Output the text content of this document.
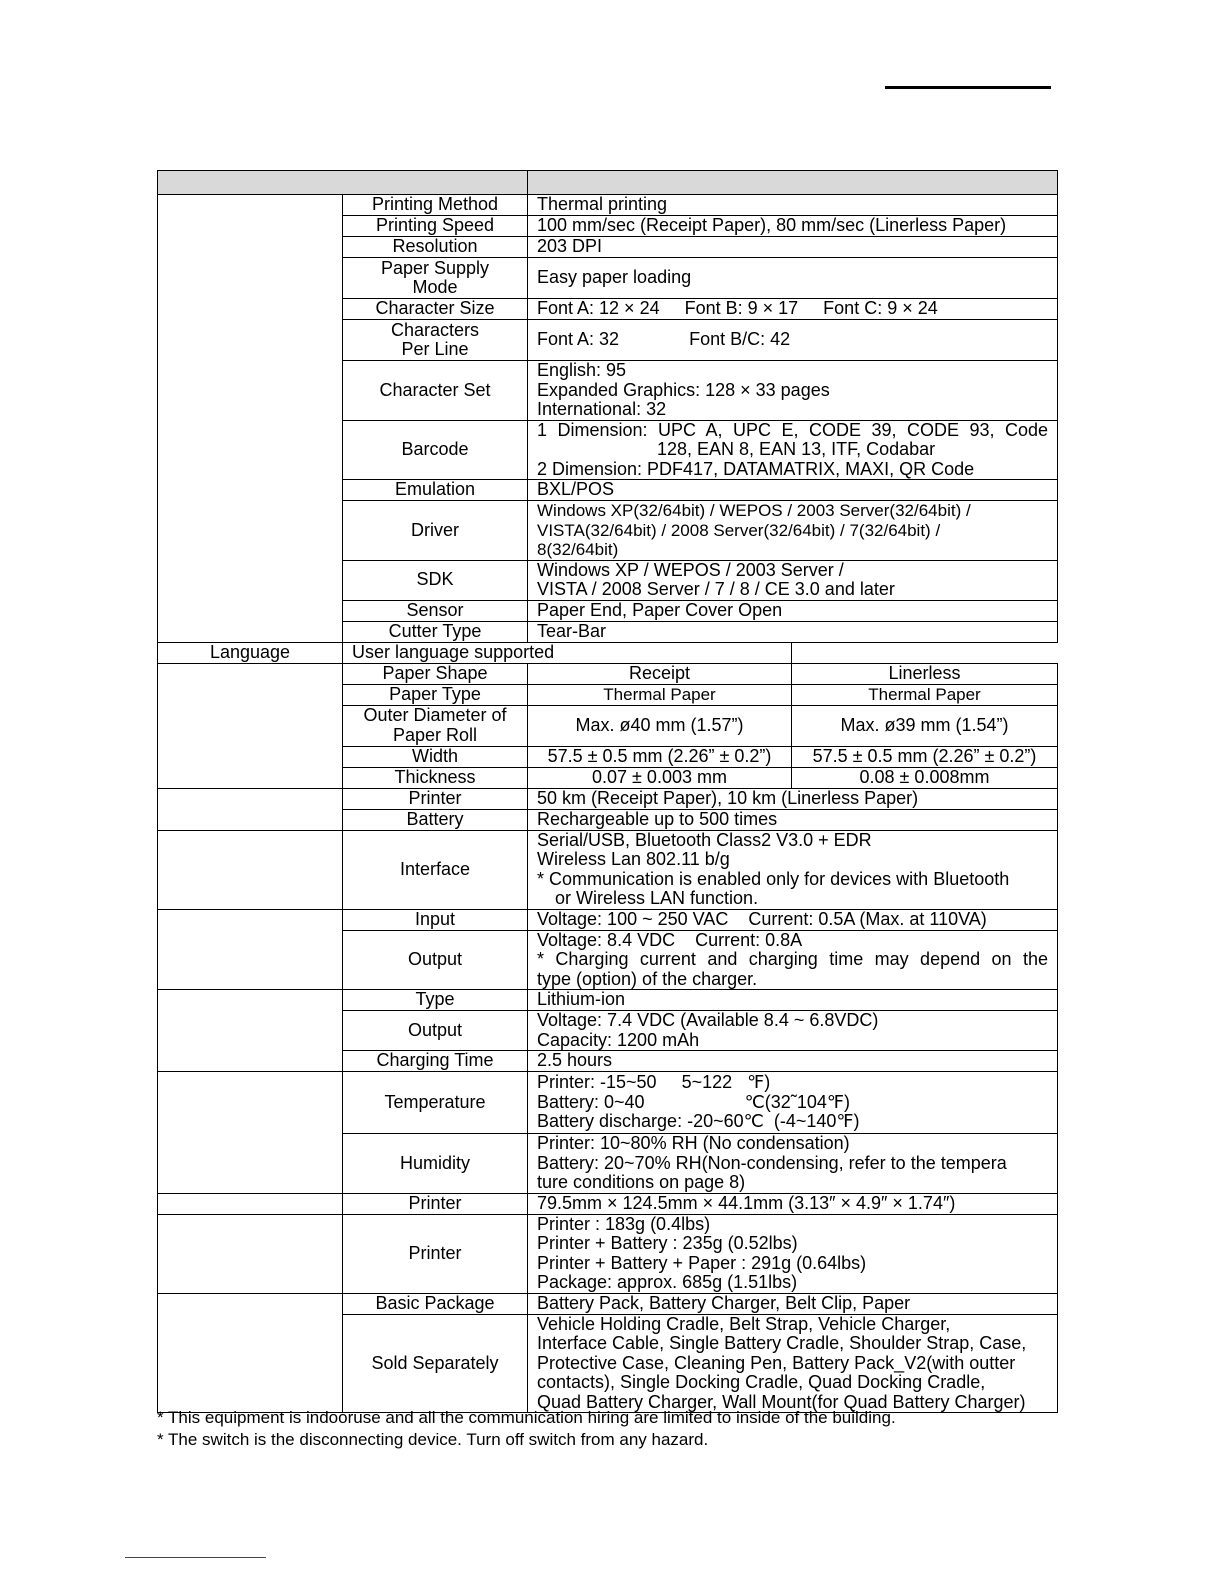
	Printing Method	Thermal printing	
	Printing Speed	100 mm/sec (Receipt Paper), 80 mm/sec (Linerless Paper)	
	Resolution	203 DPI	

	Paper Supply
Mode	Easy paper loading	
	Character Size	Font A: 12 × 24     Font B: 9 × 17     Font C: 9 × 24	

	Characters
Per Line	Font A: 32              Font B/C: 42	
	Character Set	English: 95
Expanded Graphics: 128 × 33 pages
International: 32	

	Barcode	1 Dimension: UPC A, UPC E, CODE 39, CODE 93, Code
128, EAN 8, EAN 13, ITF, Codabar
2 Dimension: PDF417, DATAMATRIX, MAXI, QR Code	

	Emulation	BXL/POS	
	Driver	Windows XP(32/64bit) / WEPOS / 2003 Server(32/64bit) /
VISTA(32/64bit) / 2008 Server(32/64bit) / 7(32/64bit) /
8(32/64bit)	

	SDK	Windows XP / WEPOS / 2003 Server /
VISTA / 2008 Server / 7 / 8 / CE 3.0 and later	

	Sensor	Paper End, Paper Cover Open	
	Cutter Type	Tear-Bar	
Language	User language supported		
	Paper Shape	Receipt	Linerless
	Paper Type	Thermal Paper	Thermal Paper

	Outer Diameter of
Paper Roll	Max. ø40 mm (1.57”)	Max. ø39 mm (1.54”)
	Width	57.5 ± 0.5 mm (2.26” ± 0.2”)	57.5 ± 0.5 mm (2.26” ± 0.2”)
	Thickness	0.07 ± 0.003 mm	0.08 ± 0.008mm
	Printer	50 km (Receipt Paper), 10 km (Linerless Paper)	
	Battery	Rechargeable up to 500 times	
	Interface	Serial/USB, Bluetooth Class2 V3.0 + EDR
Wireless Lan 802.11 b/g
* Communication is enabled only for devices with Bluetooth
or Wireless LAN function.	

	Input	Voltage: 100 ~ 250 VAC    Current: 0.5A (Max. at 110VA)	
	Output	Voltage: 8.4 VDC    Current: 0.8A
* Charging current and charging time may depend on the
type (option) of the charger.	

	Type	Lithium-ion	
	Output	Voltage: 7.4 VDC (Available 8.4 ~ 6.8VDC)
Capacity: 1200 mAh	

	Charging Time	2.5 hours	
	Temperature	Printer: -15~50     5~122   ℉)
Battery: 0~40                    ℃(32˜104℉)
Battery discharge: -20~60℃  (-4~140℉)	

	Humidity	Printer: 10~80% RH (No condensation)
Battery: 20~70% RH(Non-condensing, refer to the tempera
ture conditions on page 8)	

	Printer	79.5mm × 124.5mm × 44.1mm (3.13″ × 4.9″ × 1.74″)	
	Printer	Printer : 183g (0.4lbs)
Printer + Battery : 235g (0.52lbs)
Printer + Battery + Paper : 291g (0.64lbs)
Package: approx. 685g (1.51lbs)	

	Basic Package	Battery Pack, Battery Charger, Belt Clip, Paper	
	Sold Separately	Vehicle Holding Cradle, Belt Strap, Vehicle Charger,
Interface Cable, Single Battery Cradle, Shoulder Strap, Case,
Protective Case, Cleaning Pen, Battery Pack_V2(with outter
contacts), Single Docking Cradle, Quad Docking Cradle,
Quad Battery Charger, Wall Mount(for Quad Battery Charger)	
* This equipment is indooruse and all the communication hiring are limited to inside of the building.
* The switch is the disconnecting device. Turn off switch from any hazard.
